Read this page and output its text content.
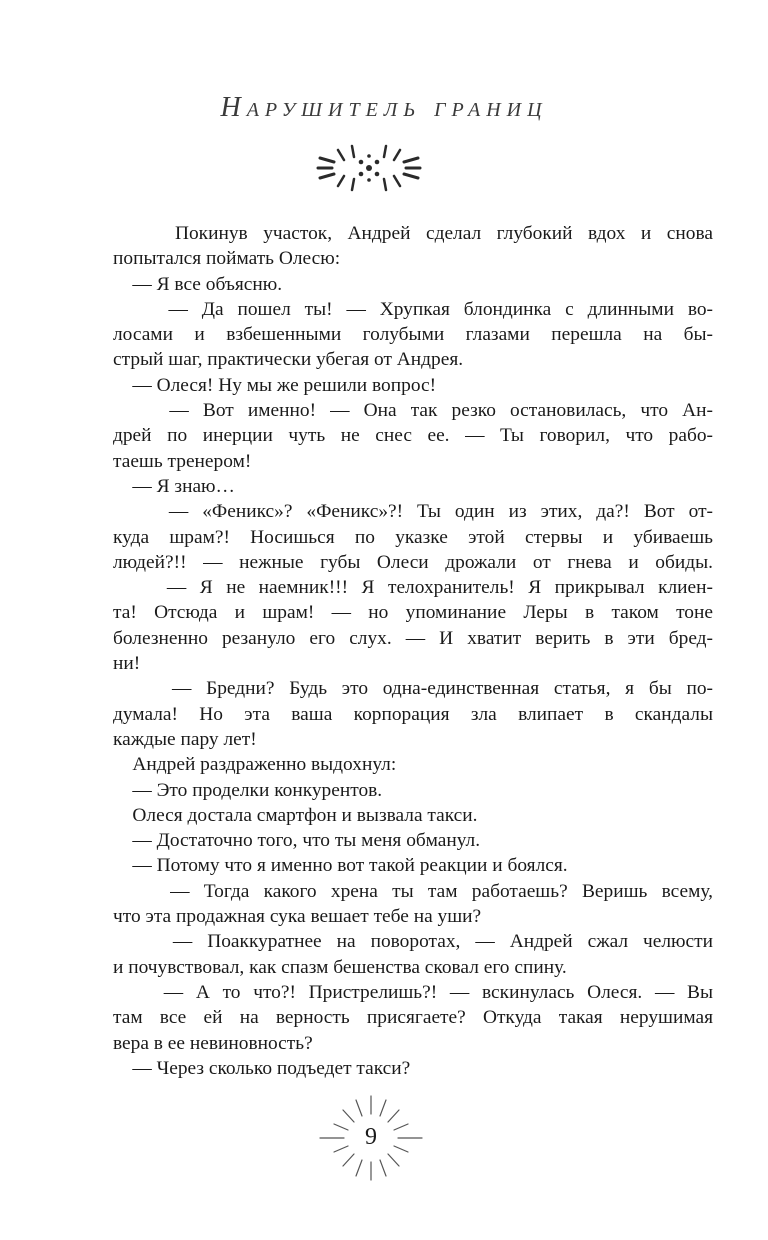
Нарушитель границ
Покинув участок, Андрей сделал глубокий вдох и снова
попытался поймать Олесю:
— Я все объясню.
— Да пошел ты! — Хрупкая блондинка с длинными во-
лосами и взбешенными голубыми глазами перешла на бы-
стрый шаг, практически убегая от Андрея.
— Олеся! Ну мы же решили вопрос!
— Вот именно! — Она так резко остановилась, что Ан-
дрей по инерции чуть не снес ее. — Ты говорил, что рабо-
таешь тренером!
— Я знаю…
— «Феникс»? «Феникс»?! Ты один из этих, да?! Вот от-
куда шрам?! Носишься по указке этой стервы и убиваешь
людей?!! — нежные губы Олеси дрожали от гнева и обиды.
— Я не наемник!!! Я телохранитель! Я прикрывал клиен-
та! Отсюда и шрам! — но упоминание Леры в таком тоне
болезненно резануло его слух. — И хватит верить в эти бред-
ни!
— Бредни? Будь это одна-единственная статья, я бы по-
думала! Но эта ваша корпорация зла влипает в скандалы
каждые пару лет!
Андрей раздраженно выдохнул:
— Это проделки конкурентов.
Олеся достала смартфон и вызвала такси.
— Достаточно того, что ты меня обманул.
— Потому что я именно вот такой реакции и боялся.
— Тогда какого хрена ты там работаешь? Веришь всему,
что эта продажная сука вешает тебе на уши?
— Поаккуратнее на поворотах, — Андрей сжал челюсти
и почувствовал, как спазм бешенства сковал его спину.
— А то что?! Пристрелишь?! — вскинулась Олеся. — Вы
там все ей на верность присягаете? Откуда такая нерушимая
вера в ее невиновность?
— Через сколько подъедет такси?
9
